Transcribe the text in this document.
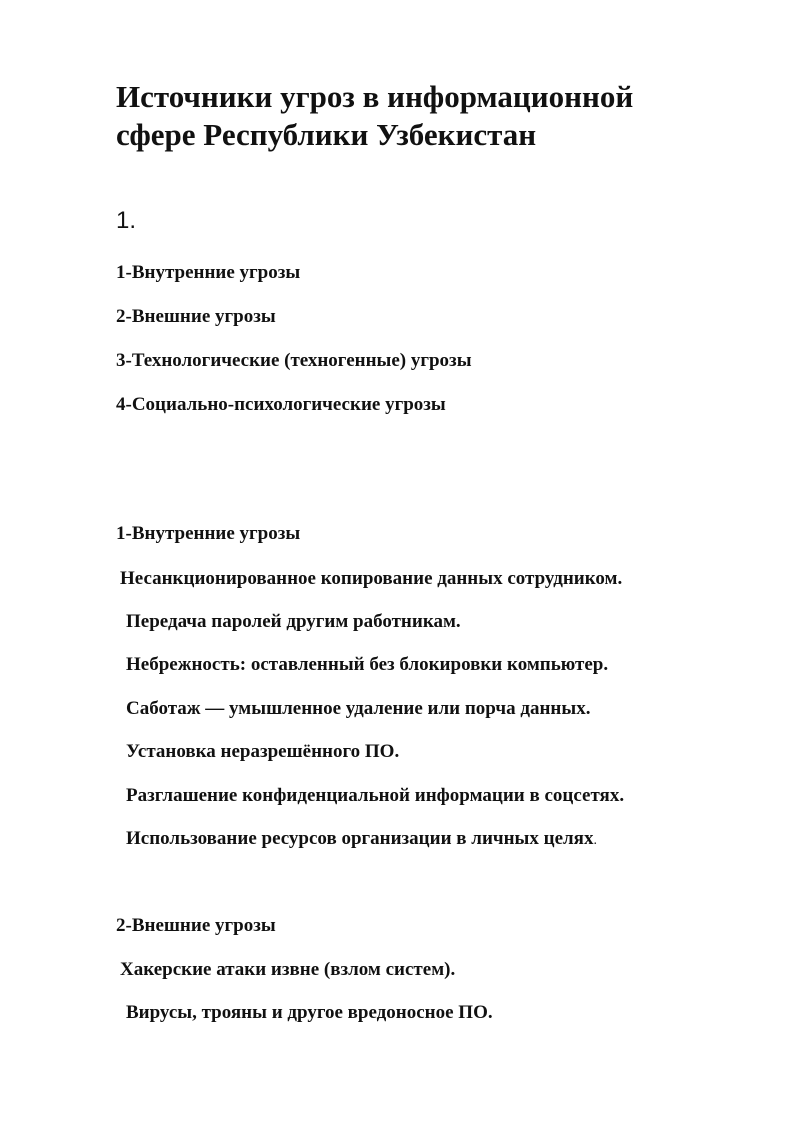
Источники угроз в информационной сфере Республики Узбекистан
1.
1-Внутренние угрозы
2-Внешние угрозы
3-Технологические (техногенные) угрозы
4-Социально-психологические угрозы
1-Внутренние угрозы
Несанкционированное копирование данных сотрудником.
Передача паролей другим работникам.
Небрежность: оставленный без блокировки компьютер.
Саботаж — умышленное удаление или порча данных.
Установка неразрешённого ПО.
Разглашение конфиденциальной информации в соцсетях.
Использование ресурсов организации в личных целях.
2-Внешние угрозы
Хакерские атаки извне (взлом систем).
Вирусы, трояны и другое вредоносное ПО.
